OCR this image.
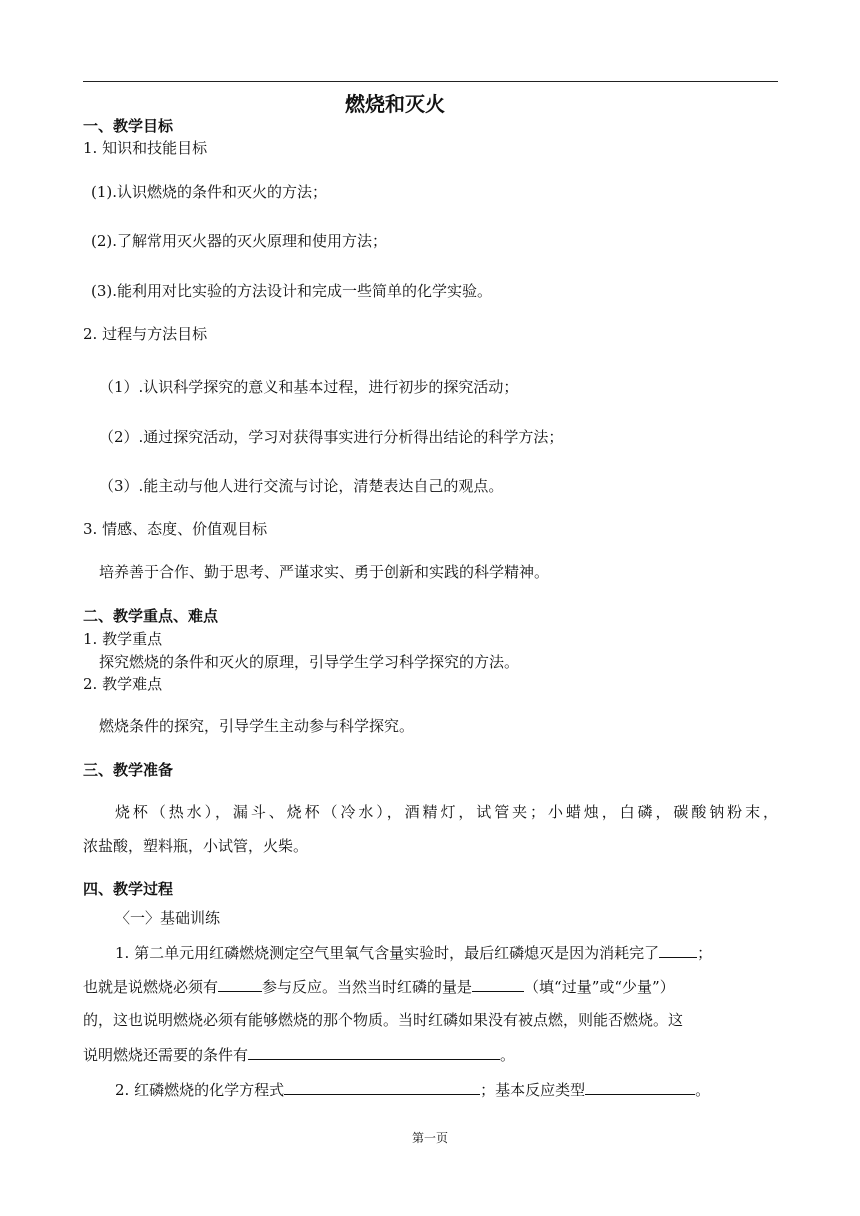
燃烧和灭火
一、教学目标
1. 知识和技能目标
(1).认识燃烧的条件和灭火的方法；
(2).了解常用灭火器的灭火原理和使用方法；
(3).能利用对比实验的方法设计和完成一些简单的化学实验。
2. 过程与方法目标
（1）.认识科学探究的意义和基本过程，进行初步的探究活动；
（2）.通过探究活动，学习对获得事实进行分析得出结论的科学方法；
（3）.能主动与他人进行交流与讨论，清楚表达自己的观点。
3. 情感、态度、价值观目标
培养善于合作、勤于思考、严谨求实、勇于创新和实践的科学精神。
二、教学重点、难点
1. 教学重点
探究燃烧的条件和灭火的原理，引导学生学习科学探究的方法。
2. 教学难点
燃烧条件的探究，引导学生主动参与科学探究。
三、教学准备
烧杯（热水），漏斗、烧杯（冷水），酒精灯，试管夹；小蜡烛，白磷，碳酸钠粉末，
浓盐酸，塑料瓶，小试管，火柴。
四、教学过程
〈一〉基础训练
1. 第二单元用红磷燃烧测定空气里氧气含量实验时，最后红磷熄灭是因为消耗完了	；
也就是说燃烧必须有	参与反应。当然当时红磷的量是	（填“过量”或“少量”）
的，这也说明燃烧必须有能够燃烧的那个物质。当时红磷如果没有被点燃，则能否燃烧。这
说明燃烧还需要的条件有	。
2. 红磷燃烧的化学方程式	；基本反应类型	。
第一页
